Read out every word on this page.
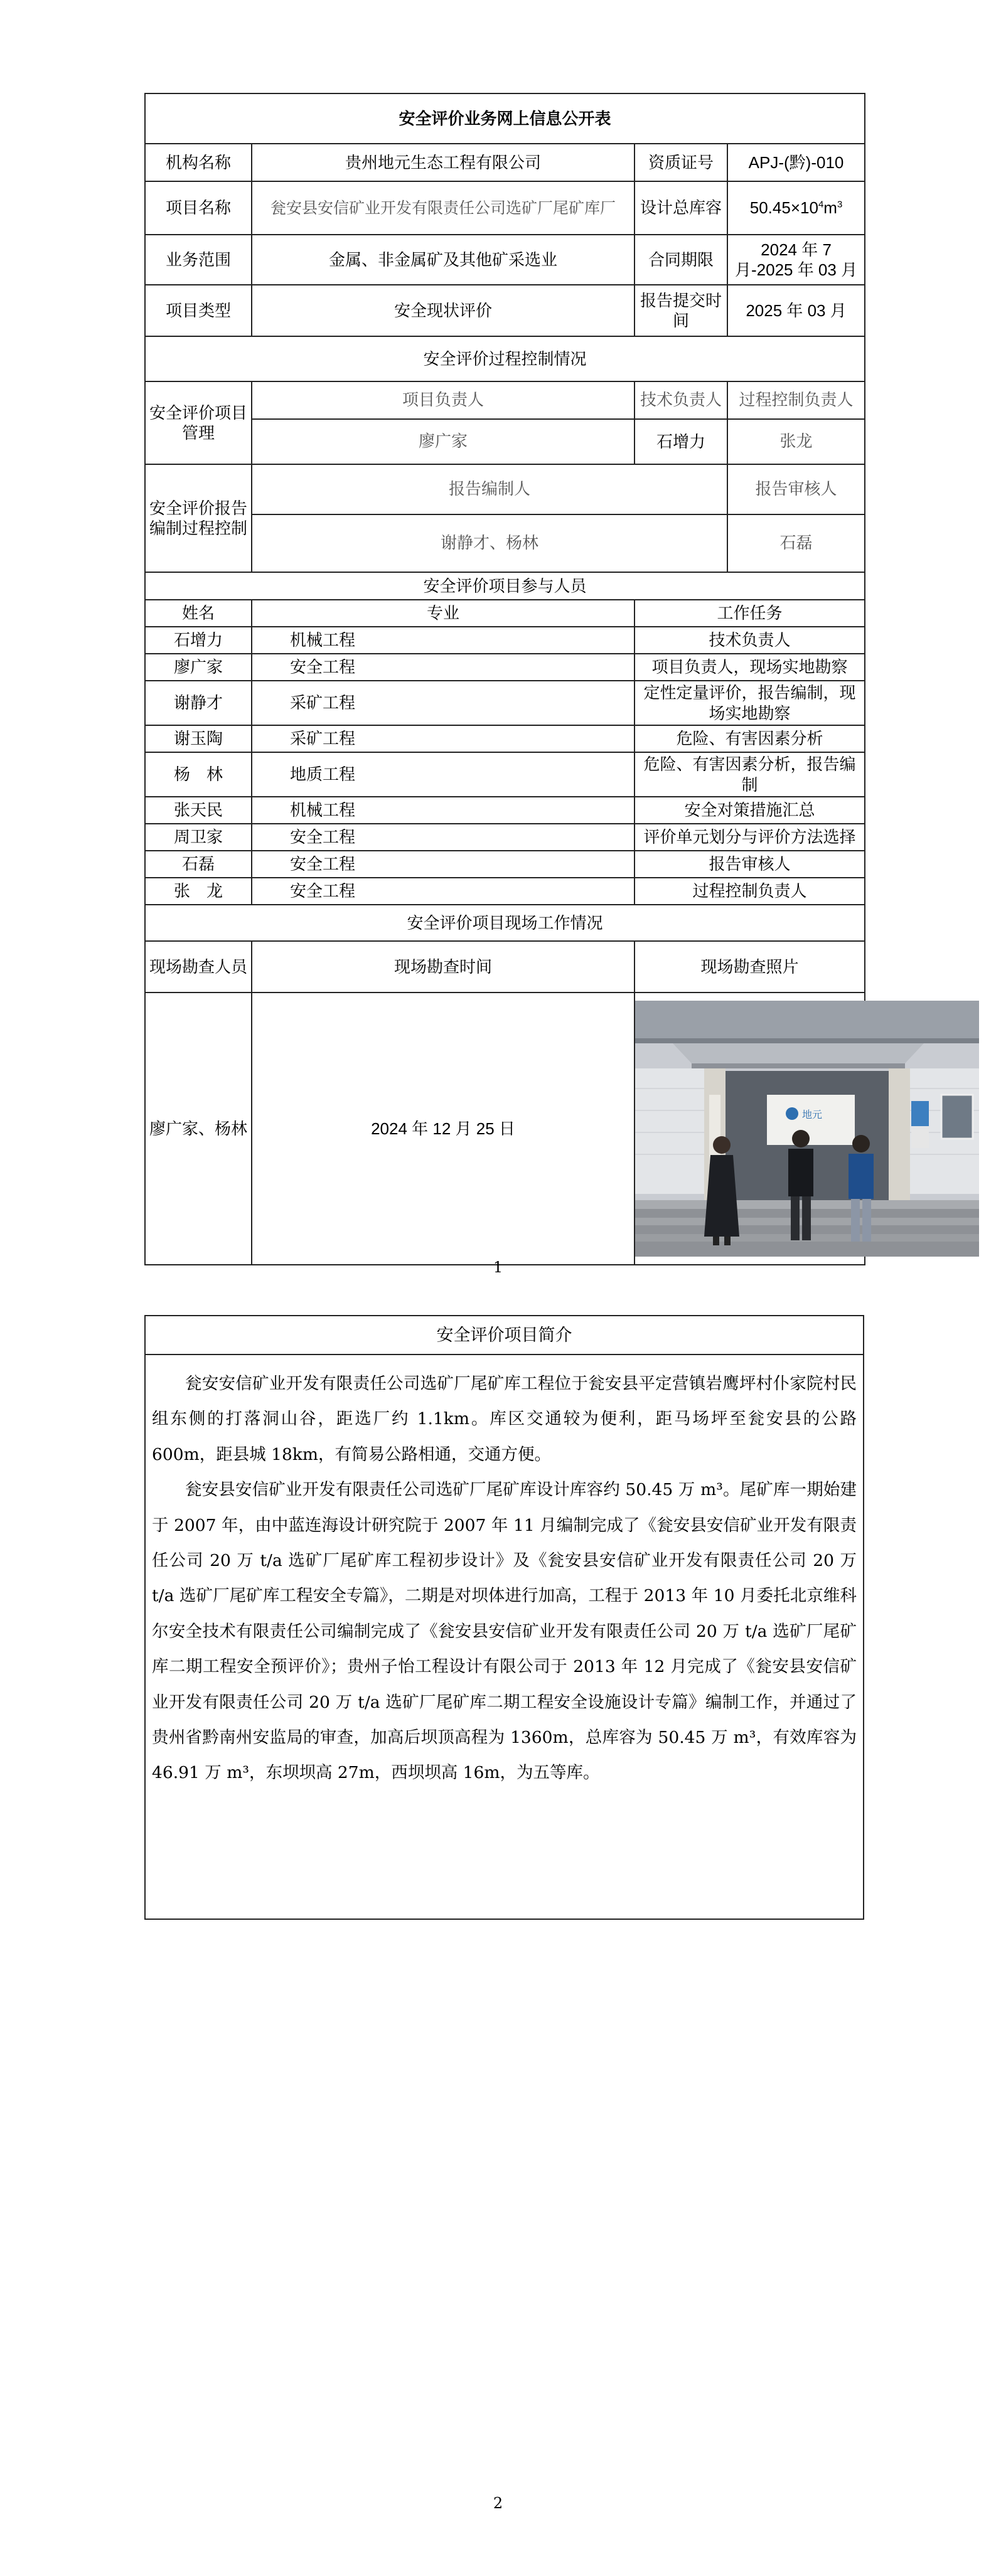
安全评价业务网上信息公开表			
机构名称	贵州地元生态工程有限公司	资质证号	APJ-(黔)-010
项目名称	瓮安县安信矿业开发有限责任公司选矿厂尾矿库厂	设计总库容	$50.45\times 10^4m^3$
业务范围	金属、非金属矿及其他矿采选业	合同期限	2024 年 7 月-2025 年 03 月
项目类型	安全现状评价	报告提交时间	2025 年 03 月
安全评价过程控制情况			
安全评价项目管理	项目负责人	技术负责人	过程控制负责人
	廖广家	石增力	张龙
安全评价报告编制过程控制	报告编制人		报告审核人
	谢静才、杨林		石磊
安全评价项目参与人员			
姓名	专业	工作任务	
石增力	机械工程	技术负责人	
廖广家	安全工程	项目负责人，现场实地勘察	
谢静才	采矿工程	定性定量评价，报告编制，现场实地勘察	
谢玉陶	采矿工程	危险、有害因素分析	
杨　林	地质工程	危险、有害因素分析，报告编制	
张天民	机械工程	安全对策措施汇总	
周卫家	安全工程	评价单元划分与评价方法选择	
石磊	安全工程	报告审核人	
张　龙	安全工程	过程控制负责人	
安全评价项目现场工作情况			
现场勘查人员	现场勘查时间	现场勘查照片	
廖广家、杨林	2024 年 12 月 25 日	地元	
1
安全评价项目简介

瓮安安信矿业开发有限责任公司选矿厂尾矿库工程位于瓮安县平定营镇岩鹰坪村仆家院村民组东侧的打落洞山谷，距选厂约 1.1km。库区交通较为便利，距马场坪至瓮安县的公路 600m，距县城 18km，有简易公路相通，交通方便。

瓮安县安信矿业开发有限责任公司选矿厂尾矿库设计库容约 50.45 万 m³。尾矿库一期始建于 2007 年，由中蓝连海设计研究院于 2007 年 11 月编制完成了《瓮安县安信矿业开发有限责任公司 20 万 t/a 选矿厂尾矿库工程初步设计》及《瓮安县安信矿业开发有限责任公司 20 万 t/a 选矿厂尾矿库工程安全专篇》，二期是对坝体进行加高，工程于 2013 年 10 月委托北京维科尔安全技术有限责任公司编制完成了《瓮安县安信矿业开发有限责任公司 20 万 t/a 选矿厂尾矿库二期工程安全预评价》；贵州子怡工程设计有限公司于 2013 年 12 月完成了《瓮安县安信矿业开发有限责任公司 20 万 t/a 选矿厂尾矿库二期工程安全设施设计专篇》编制工作，并通过了贵州省黔南州安监局的审查，加高后坝顶高程为 1360m，总库容为 50.45 万 m³，有效库容为 46.91 万 m³，东坝坝高 27m，西坝坝高 16m，为五等库。

2
